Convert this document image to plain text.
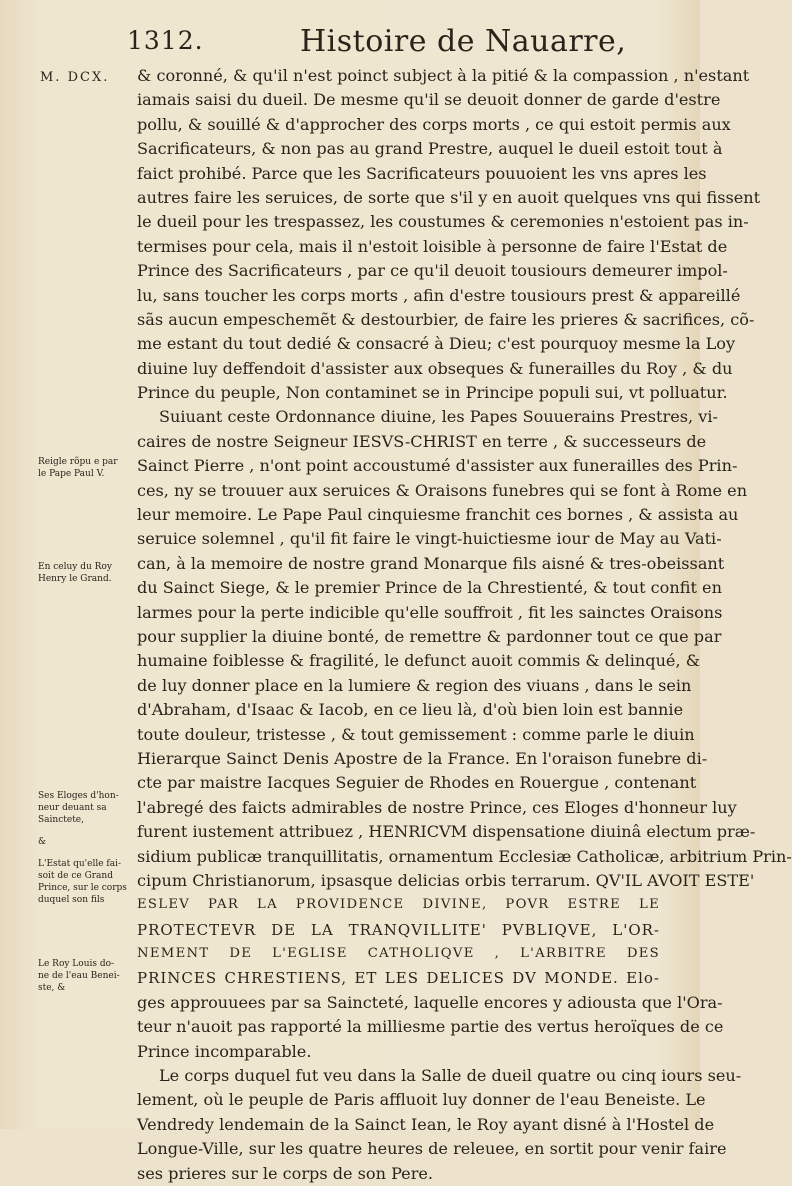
1312.	Histoire de Nauarre,
M. DCX.
Reigle rõpu e par
le Pape Paul V.
En celuy du Roy
Henry le Grand.
Ses Eloges d'hon-
neur deuant sa
Sainctete,
&
L'Estat qu'elle fai-
soit de ce Grand
Prince, sur le corps
duquel son fils
Le Roy Louis do-
ne de l'eau Benei-
ste, &
& coronné, & qu'il n'est poinct subject à la pitié & la compassion , n'estant
iamais saisi du dueil. De mesme qu'il se deuoit donner de garde d'estre
pollu, & souillé & d'approcher des corps morts , ce qui estoit permis aux
Sacrificateurs, & non pas au grand Prestre, auquel le dueil estoit tout à
faict prohibé. Parce que les Sacrificateurs pouuoient les vns apres les
autres faire les seruices, de sorte que s'il y en auoit quelques vns qui fissent
le dueil pour les trespassez, les coustumes & ceremonies n'estoient pas in-
termises pour cela, mais il n'estoit loisible à personne de faire l'Estat de
Prince des Sacrificateurs , par ce qu'il deuoit tousiours demeurer impol-
lu, sans toucher les corps morts , afin d'estre tousiours prest & appareillé
sãs aucun empeschemẽt & destourbier, de faire les prieres & sacrifices, cõ-
me estant du tout dedié & consacré à Dieu; c'est pourquoy mesme la Loy
diuine luy deffendoit d'assister aux obseques & funerailles du Roy , & du
Prince du peuple, Non contaminet se in Principe populi sui, vt polluatur.
Suiuant ceste Ordonnance diuine, les Papes Souuerains Prestres, vi-
caires de nostre Seigneur IESVS-CHRIST en terre , & successeurs de
Sainct Pierre , n'ont point accoustumé d'assister aux funerailles des Prin-
ces, ny se trouuer aux seruices & Oraisons funebres qui se font à Rome en
leur memoire. Le Pape Paul cinquiesme franchit ces bornes , & assista au
seruice solemnel , qu'il fit faire le vingt-huictiesme iour de May au Vati-
can, à la memoire de nostre grand Monarque fils aisné & tres-obeissant
du Sainct Siege, & le premier Prince de la Chrestienté, & tout confit en
larmes pour la perte indicible qu'elle souffroit , fit les sainctes Oraisons
pour supplier la diuine bonté, de remettre & pardonner tout ce que par
humaine foiblesse & fragilité, le defunct auoit commis & delinqué, &
de luy donner place en la lumiere & region des viuans , dans le sein
d'Abraham, d'Isaac & Iacob, en ce lieu là, d'où bien loin est bannie
toute douleur, tristesse , & tout gemissement : comme parle le diuin
Hierarque Sainct Denis Apostre de la France. En l'oraison funebre di-
cte par maistre Iacques Seguier de Rhodes en Rouergue , contenant
l'abregé des faicts admirables de nostre Prince, ces Eloges d'honneur luy
furent iustement attribuez , HENRICVM dispensatione diuinâ electum præ-
sidium publicæ tranquillitatis, ornamentum Ecclesiæ Catholicæ, arbitrium Prin-
cipum Christianorum, ipsasque delicias orbis terrarum. QV'IL AVOIT ESTE'
ESLEV PAR LA PROVIDENCE DIVINE, POVR ESTRE LE
PROTECTEVR DE LA TRANQVILLITE' PVBLIQVE, L'OR-
NEMENT DE L'EGLISE CATHOLIQVE , L'ARBITRE DES
PRINCES CHRESTIENS, ET LES DELICES DV MONDE. Elo-
ges approuuees par sa Saincteté, laquelle encores y adiousta que l'Ora-
teur n'auoit pas rapporté la milliesme partie des vertus heroïques de ce
Prince incomparable.
Le corps duquel fut veu dans la Salle de dueil quatre ou cinq iours seu-
lement, où le peuple de Paris affluoit luy donner de l'eau Beneiste. Le
Vendredy lendemain de la Sainct Iean, le Roy ayant disné à l'Hostel de
Longue-Ville, sur les quatre heures de releuee, en sortit pour venir faire
ses prieres sur le corps de son Pere.
